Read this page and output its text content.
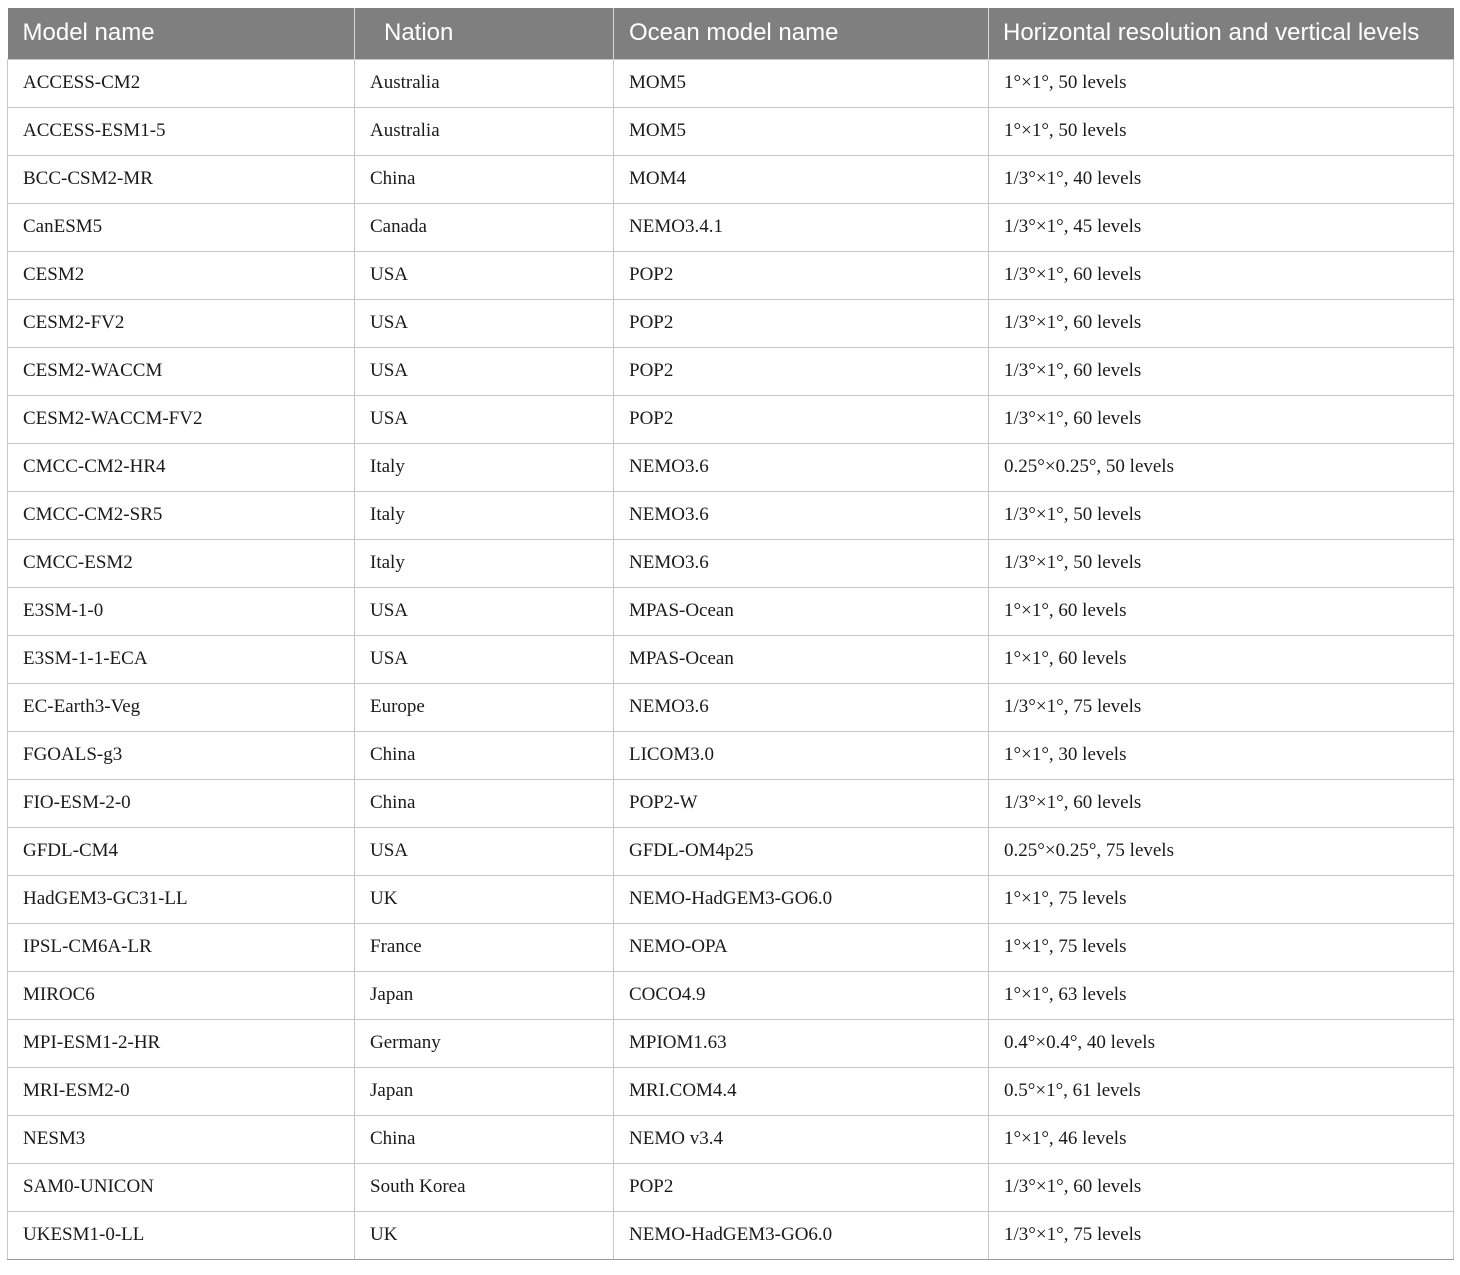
Model name	Nation	Ocean model name	Horizontal resolution and vertical levels
ACCESS-CM2	Australia	MOM5	1°×1°, 50 levels
ACCESS-ESM1-5	Australia	MOM5	1°×1°, 50 levels
BCC-CSM2-MR	China	MOM4	1/3°×1°, 40 levels
CanESM5	Canada	NEMO3.4.1	1/3°×1°, 45 levels
CESM2	USA	POP2	1/3°×1°, 60 levels
CESM2-FV2	USA	POP2	1/3°×1°, 60 levels
CESM2-WACCM	USA	POP2	1/3°×1°, 60 levels
CESM2-WACCM-FV2	USA	POP2	1/3°×1°, 60 levels
CMCC-CM2-HR4	Italy	NEMO3.6	0.25°×0.25°, 50 levels
CMCC-CM2-SR5	Italy	NEMO3.6	1/3°×1°, 50 levels
CMCC-ESM2	Italy	NEMO3.6	1/3°×1°, 50 levels
E3SM-1-0	USA	MPAS-Ocean	1°×1°, 60 levels
E3SM-1-1-ECA	USA	MPAS-Ocean	1°×1°, 60 levels
EC-Earth3-Veg	Europe	NEMO3.6	1/3°×1°, 75 levels
FGOALS-g3	China	LICOM3.0	1°×1°, 30 levels
FIO-ESM-2-0	China	POP2-W	1/3°×1°, 60 levels
GFDL-CM4	USA	GFDL-OM4p25	0.25°×0.25°, 75 levels
HadGEM3-GC31-LL	UK	NEMO-HadGEM3-GO6.0	1°×1°, 75 levels
IPSL-CM6A-LR	France	NEMO-OPA	1°×1°, 75 levels
MIROC6	Japan	COCO4.9	1°×1°, 63 levels
MPI-ESM1-2-HR	Germany	MPIOM1.63	0.4°×0.4°, 40 levels
MRI-ESM2-0	Japan	MRI.COM4.4	0.5°×1°, 61 levels
NESM3	China	NEMO v3.4	1°×1°, 46 levels
SAM0-UNICON	South Korea	POP2	1/3°×1°, 60 levels
UKESM1-0-LL	UK	NEMO-HadGEM3-GO6.0	1/3°×1°, 75 levels
